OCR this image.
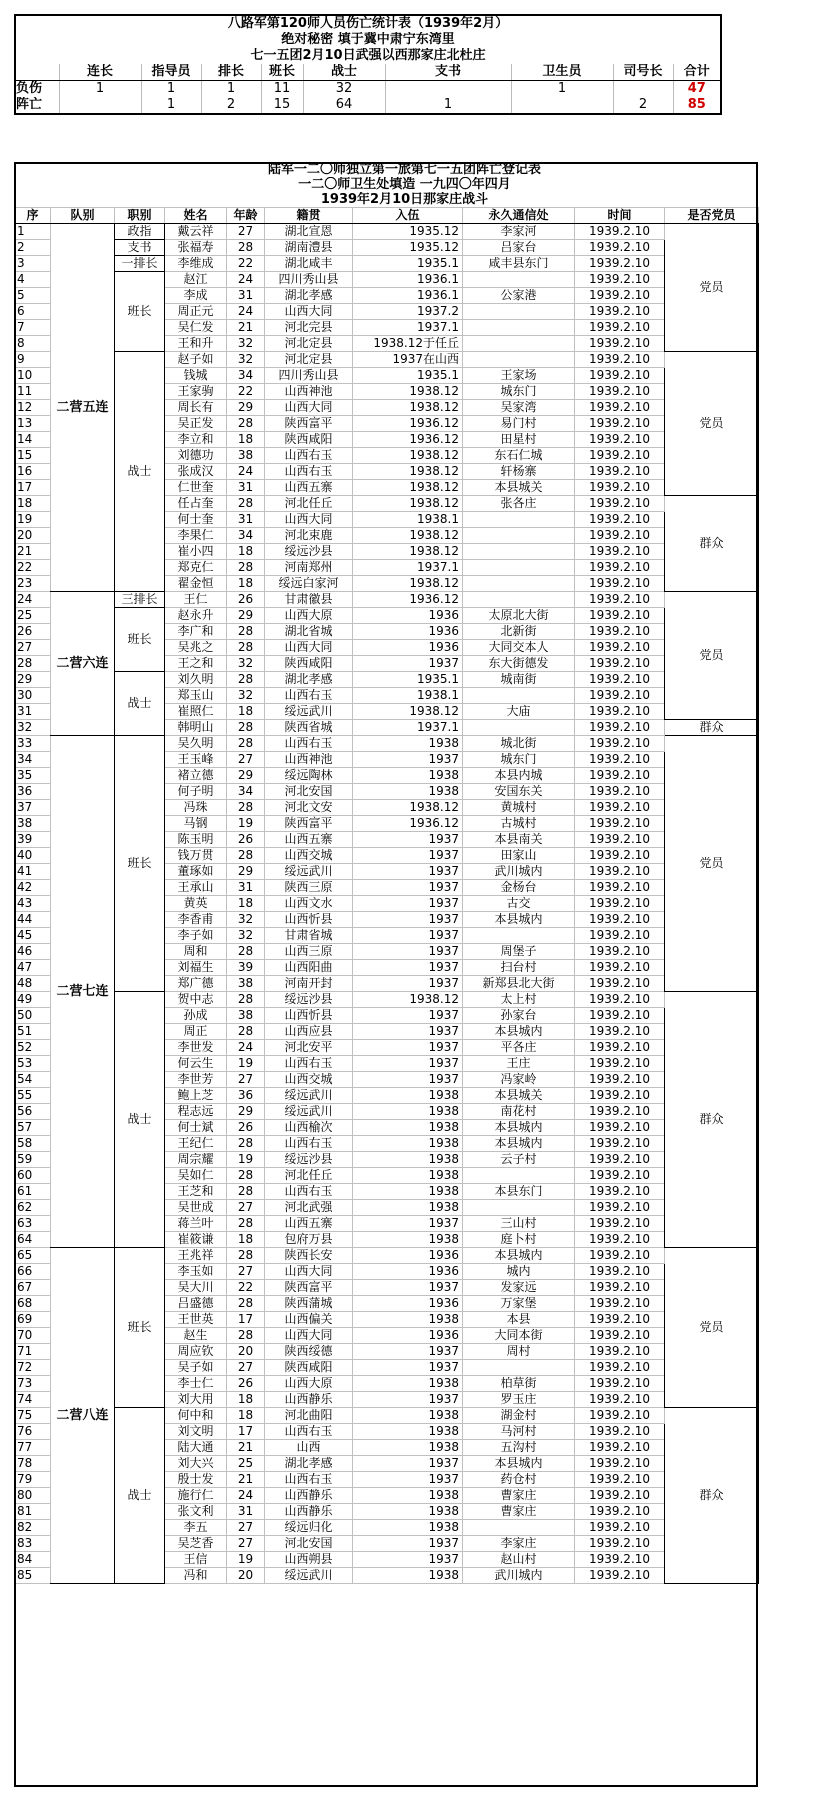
八路军第120师人员伤亡统计表（1939年2月）									
绝对秘密 填于冀中肃宁东湾里									
七一五团2月10日武强以西那家庄北杜庄									
	连长	指导员	排长	班长	战士	支书	卫生员	司号长	合计
负伤	1	1	1	11	32		1		47
阵亡		1	2	15	64	1		2	85
	陆军一二〇师独立第一旅第七一五团阵亡登记表								
	一二〇师卫生处填造 一九四〇年四月								
	1939年2月10日那家庄战斗								
序	队别	职别	姓名	年龄	籍贯	入伍	永久通信处	时间	是否党员
1	二营五连	政指	戴云祥	27	湖北宣恩	1935.12	李家河	1939.2.10	党员
2		支书	张福寿	28	湖南澧县	1935.12	吕家台	1939.2.10	
3		一排长	李维成	22	湖北咸丰	1935.1	咸丰县东门	1939.2.10	
4		班长	赵江	24	四川秀山县	1936.1		1939.2.10	
5			李成	31	湖北孝感	1936.1	公家港	1939.2.10	
6			周正元	24	山西大同	1937.2		1939.2.10	
7			吴仁发	21	河北完县	1937.1		1939.2.10	
8			王和升	32	河北定县	1938.12于任丘		1939.2.10	
9		战士	赵子如	32	河北定县	1937在山西		1939.2.10	党员
10			钱城	34	四川秀山县	1935.1	王家场	1939.2.10	
11			王家驹	22	山西神池	1938.12	城东门	1939.2.10	
12			周长有	29	山西大同	1938.12	吴家湾	1939.2.10	
13			吴正发	28	陕西富平	1936.12	易门村	1939.2.10	
14			李立和	18	陕西咸阳	1936.12	田星村	1939.2.10	
15			刘德功	38	山西右玉	1938.12	东石仁城	1939.2.10	
16			张成汉	24	山西右玉	1938.12	轩杨寨	1939.2.10	
17			仁世奎	31	山西五寨	1938.12	本县城关	1939.2.10	
18			任占奎	28	河北任丘	1938.12	张各庄	1939.2.10	群众
19			何士奎	31	山西大同	1938.1		1939.2.10	
20			李果仁	34	河北束鹿	1938.12		1939.2.10	
21			崔小四	18	绥远沙县	1938.12		1939.2.10	
22			郑克仁	28	河南郑州	1937.1		1939.2.10	
23			翟金恒	18	绥远白家河	1938.12		1939.2.10	
24	二营六连	三排长	王仁	26	甘肃徽县	1936.12		1939.2.10	党员
25		班长	赵永升	29	山西大原	1936	太原北大街	1939.2.10	
26			李广和	28	湖北省城	1936	北新街	1939.2.10	
27			吴兆之	28	山西大同	1936	大同交本人	1939.2.10	
28			王之和	32	陕西咸阳	1937	东大街德发	1939.2.10	
29		战士	刘久明	28	湖北孝感	1935.1	城南街	1939.2.10	
30			郑玉山	32	山西右玉	1938.1		1939.2.10	
31			崔照仁	18	绥远武川	1938.12	大庙	1939.2.10	
32			韩明山	28	陕西省城	1937.1		1939.2.10	群众
33	二营七连	班长	吴久明	28	山西右玉	1938	城北街	1939.2.10	党员
34			王玉峰	27	山西神池	1937	城东门	1939.2.10	
35			褚立德	29	绥远陶林	1938	本县内城	1939.2.10	
36			何子明	34	河北安国	1938	安国东关	1939.2.10	
37			冯珠	28	河北文安	1938.12	黄城村	1939.2.10	
38			马钢	19	陕西富平	1936.12	古城村	1939.2.10	
39			陈玉明	26	山西五寨	1937	本县南关	1939.2.10	
40			钱万贯	28	山西交城	1937	田家山	1939.2.10	
41			董琢如	29	绥远武川	1937	武川城内	1939.2.10	
42			王承山	31	陕西三原	1937	金杨台	1939.2.10	
43			黄英	18	山西文水	1937	古交	1939.2.10	
44			李香甫	32	山西忻县	1937	本县城内	1939.2.10	
45			李子如	32	甘肃省城	1937		1939.2.10	
46			周和	28	山西三原	1937	周堡子	1939.2.10	
47			刘福生	39	山西阳曲	1937	扫台村	1939.2.10	
48			郑广德	38	河南开封	1937	新郑县北大街	1939.2.10	
49		战士	贺中志	28	绥远沙县	1938.12	太上村	1939.2.10	群众
50			孙成	38	山西忻县	1937	孙家台	1939.2.10	
51			周正	28	山西应县	1937	本县城内	1939.2.10	
52			李世发	24	河北安平	1937	平各庄	1939.2.10	
53			何云生	19	山西右玉	1937	王庄	1939.2.10	
54			李世芳	27	山西交城	1937	冯家岭	1939.2.10	
55			鲍上芝	36	绥远武川	1938	本县城关	1939.2.10	
56			程志远	29	绥远武川	1938	南花村	1939.2.10	
57			何士斌	26	山西榆次	1938	本县城内	1939.2.10	
58			王纪仁	28	山西右玉	1938	本县城内	1939.2.10	
59			周宗耀	19	绥远沙县	1938	云子村	1939.2.10	
60			吴如仁	28	河北任丘	1938		1939.2.10	
61			王芝和	28	山西右玉	1938	本县东门	1939.2.10	
62			吴世成	27	河北武强	1938		1939.2.10	
63			蒋兰叶	28	山西五寨	1937	三山村	1939.2.10	
64			崔筱谦	18	包府万县	1938	庭卜村	1939.2.10	
65	二营八连	班长	王兆祥	28	陕西长安	1936	本县城内	1939.2.10	党员
66			李玉如	27	山西大同	1936	城内	1939.2.10	
67			吴大川	22	陕西富平	1937	发家远	1939.2.10	
68			吕盛德	28	陕西蒲城	1936	万家堡	1939.2.10	
69			王世英	17	山西偏关	1938	本县	1939.2.10	
70			赵生	28	山西大同	1936	大同本街	1939.2.10	
71			周应钦	20	陕西绥德	1937	周村	1939.2.10	
72			吴子如	27	陕西咸阳	1937		1939.2.10	
73			李士仁	26	山西大原	1938	柏草街	1939.2.10	
74			刘大用	18	山西静乐	1937	罗玉庄	1939.2.10	
75		战士	何中和	18	河北曲阳	1938	湖金村	1939.2.10	群众
76			刘文明	17	山西右玉	1938	马河村	1939.2.10	
77			陆大通	21	山西	1938	五沟村	1939.2.10	
78			刘大兴	25	湖北孝感	1937	本县城内	1939.2.10	
79			殷士发	21	山西右玉	1937	药仓村	1939.2.10	
80			施行仁	24	山西静乐	1938	曹家庄	1939.2.10	
81			张文利	31	山西静乐	1938	曹家庄	1939.2.10	
82			李五	27	绥远归化	1938		1939.2.10	
83			吴芝香	27	河北安国	1937	李家庄	1939.2.10	
84			王信	19	山西朔县	1937	赵山村	1939.2.10	
85			冯和	20	绥远武川	1938	武川城内	1939.2.10	
